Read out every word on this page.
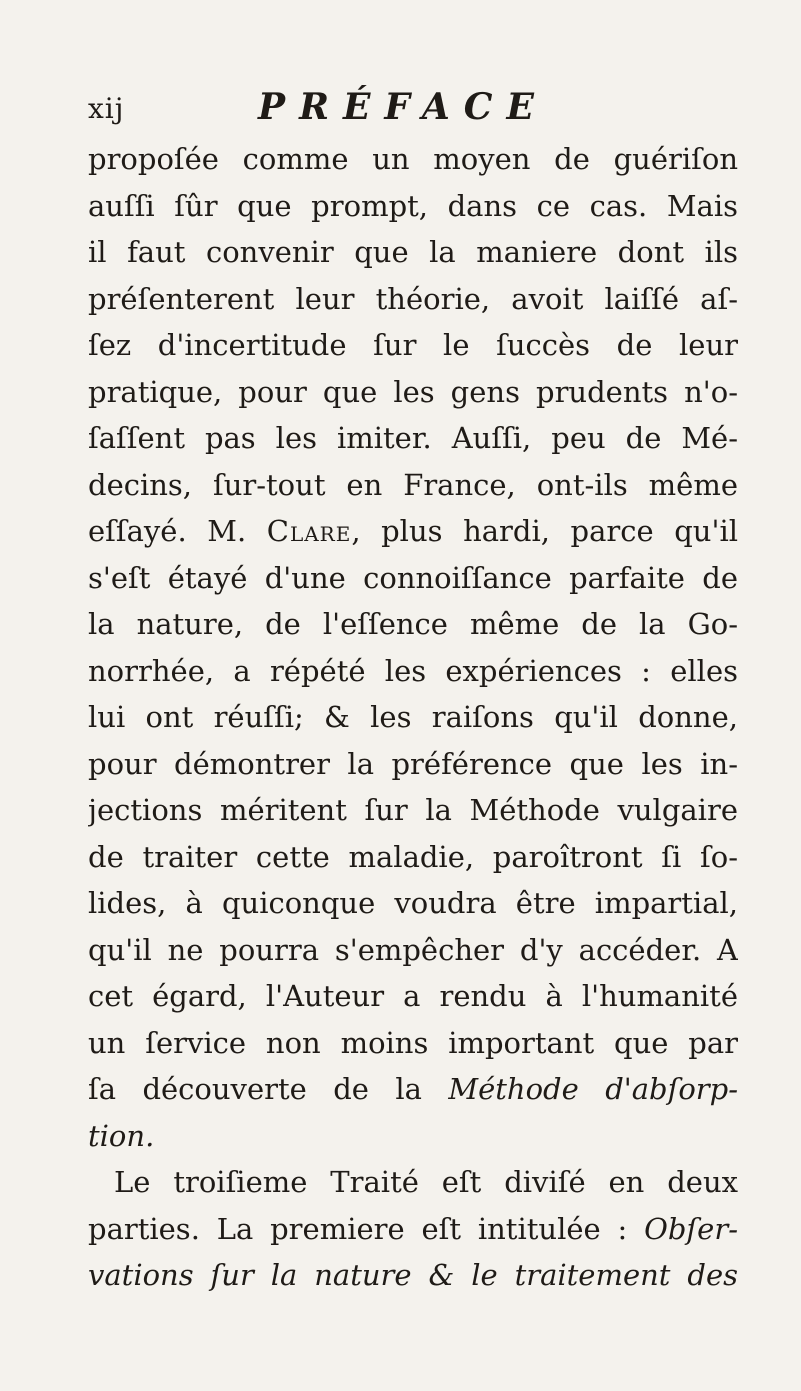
xij	PRÉFACE
propoſée comme un moyen de guériſon
auſſi ſûr que prompt, dans ce cas. Mais
il faut convenir que la maniere dont ils
préſenterent leur théorie, avoit laiſſé aſ-
ſez d'incertitude ſur le ſuccès de leur
pratique, pour que les gens prudents n'o-
ſaſſent pas les imiter. Auſſi, peu de Mé-
decins, ſur-tout en France, ont-ils même
eſſayé. M. Clare, plus hardi, parce qu'il
s'eſt étayé d'une connoiſſance parfaite de
la nature, de l'eſſence même de la Go-
norrhée, a répété les expériences : elles
lui ont réuſſi; & les raiſons qu'il donne,
pour démontrer la préférence que les in-
jections méritent ſur la Méthode vulgaire
de traiter cette maladie, paroîtront ſi ſo-
lides, à quiconque voudra être impartial,
qu'il ne pourra s'empêcher d'y accéder. A
cet égard, l'Auteur a rendu à l'humanité
un ſervice non moins important que par
ſa découverte de la Méthode d'abſorp-
tion.
Le troiſieme Traité eſt diviſé en deux
parties. La premiere eſt intitulée : Obſer-
vations ſur la nature & le traitement des
